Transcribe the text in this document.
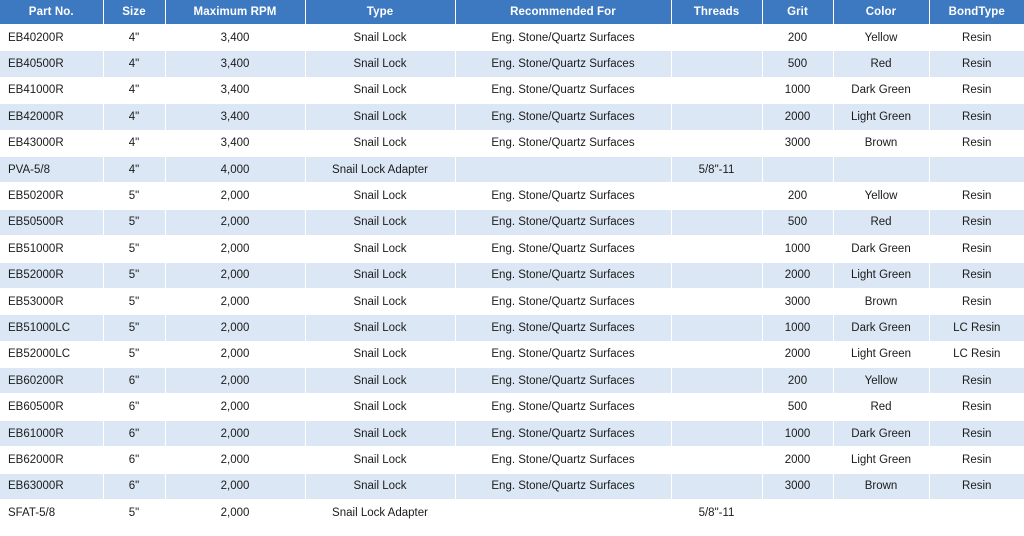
Part No.	Size	Maximum RPM	Type	Recommended For	Threads	Grit	Color	BondType
EB40200R	4"	3,400	Snail Lock	Eng. Stone/Quartz Surfaces		200	Yellow	Resin
EB40500R	4"	3,400	Snail Lock	Eng. Stone/Quartz Surfaces		500	Red	Resin
EB41000R	4"	3,400	Snail Lock	Eng. Stone/Quartz Surfaces		1000	Dark Green	Resin
EB42000R	4"	3,400	Snail Lock	Eng. Stone/Quartz Surfaces		2000	Light Green	Resin
EB43000R	4"	3,400	Snail Lock	Eng. Stone/Quartz Surfaces		3000	Brown	Resin
PVA-5/8	4"	4,000	Snail Lock Adapter		5/8"-11			
EB50200R	5"	2,000	Snail Lock	Eng. Stone/Quartz Surfaces		200	Yellow	Resin
EB50500R	5"	2,000	Snail Lock	Eng. Stone/Quartz Surfaces		500	Red	Resin
EB51000R	5"	2,000	Snail Lock	Eng. Stone/Quartz Surfaces		1000	Dark Green	Resin
EB52000R	5"	2,000	Snail Lock	Eng. Stone/Quartz Surfaces		2000	Light Green	Resin
EB53000R	5"	2,000	Snail Lock	Eng. Stone/Quartz Surfaces		3000	Brown	Resin
EB51000LC	5"	2,000	Snail Lock	Eng. Stone/Quartz Surfaces		1000	Dark Green	LC Resin
EB52000LC	5"	2,000	Snail Lock	Eng. Stone/Quartz Surfaces		2000	Light Green	LC Resin
EB60200R	6"	2,000	Snail Lock	Eng. Stone/Quartz Surfaces		200	Yellow	Resin
EB60500R	6"	2,000	Snail Lock	Eng. Stone/Quartz Surfaces		500	Red	Resin
EB61000R	6"	2,000	Snail Lock	Eng. Stone/Quartz Surfaces		1000	Dark Green	Resin
EB62000R	6"	2,000	Snail Lock	Eng. Stone/Quartz Surfaces		2000	Light Green	Resin
EB63000R	6"	2,000	Snail Lock	Eng. Stone/Quartz Surfaces		3000	Brown	Resin
SFAT-5/8	5"	2,000	Snail Lock Adapter		5/8"-11			
